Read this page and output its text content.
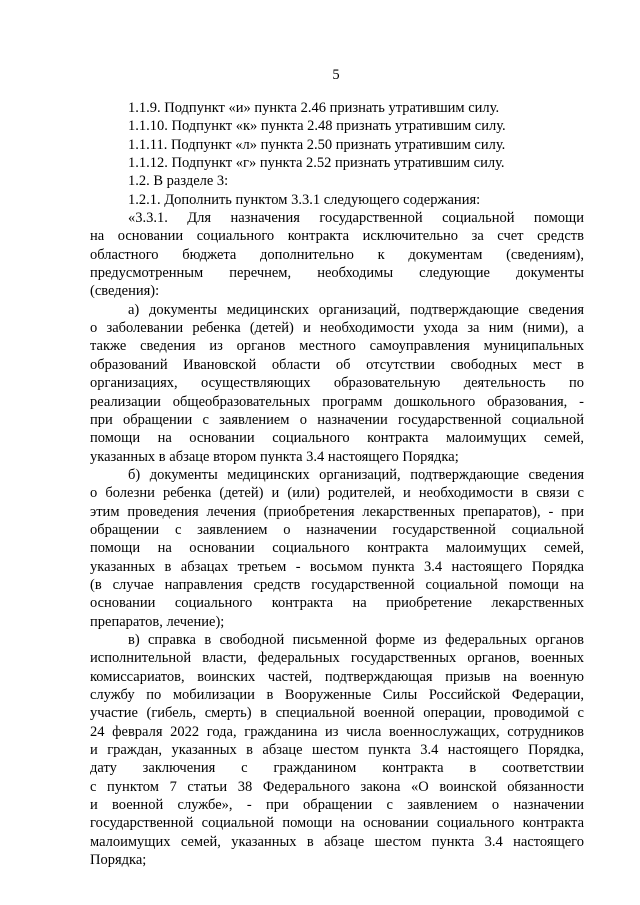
5
1.1.9. Подпункт «и» пункта 2.46 признать утратившим силу.
1.1.10. Подпункт «к» пункта 2.48 признать утратившим силу.
1.1.11. Подпункт «л» пункта 2.50 признать утратившим силу.
1.1.12. Подпункт «г» пункта 2.52 признать утратившим силу.
1.2. В разделе 3:
1.2.1. Дополнить пунктом 3.3.1 следующего содержания:
«3.3.1. Для назначения государственной социальной помощи
на основании социального контракта исключительно за счет средств
областного бюджета дополнительно к документам (сведениям),
предусмотренным перечнем, необходимы следующие документы
(сведения):
а) документы медицинских организаций, подтверждающие сведения
о заболевании ребенка (детей) и необходимости ухода за ним (ними), а
также сведения из органов местного самоуправления муниципальных
образований Ивановской области об отсутствии свободных мест в
организациях, осуществляющих образовательную деятельность по
реализации общеобразовательных программ дошкольного образования, -
при обращении с заявлением о назначении государственной социальной
помощи на основании социального контракта малоимущих семей,
указанных в абзаце втором пункта 3.4 настоящего Порядка;
б) документы медицинских организаций, подтверждающие сведения
о болезни ребенка (детей) и (или) родителей, и необходимости в связи с
этим проведения лечения (приобретения лекарственных препаратов), - при
обращении с заявлением о назначении государственной социальной
помощи на основании социального контракта малоимущих семей,
указанных в абзацах третьем - восьмом пункта 3.4 настоящего Порядка
(в случае направления средств государственной социальной помощи на
основании социального контракта на приобретение лекарственных
препаратов, лечение);
в) справка в свободной письменной форме из федеральных органов
исполнительной власти, федеральных государственных органов, военных
комиссариатов, воинских частей, подтверждающая призыв на военную
службу по мобилизации в Вооруженные Силы Российской Федерации,
участие (гибель, смерть) в специальной военной операции, проводимой с
24 февраля 2022 года, гражданина из числа военнослужащих, сотрудников
и граждан, указанных в абзаце шестом пункта 3.4 настоящего Порядка,
дату заключения с гражданином контракта в соответствии
с пунктом 7 статьи 38 Федерального закона «О воинской обязанности
и военной службе», - при обращении с заявлением о назначении
государственной социальной помощи на основании социального контракта
малоимущих семей, указанных в абзаце шестом пункта 3.4 настоящего
Порядка;
